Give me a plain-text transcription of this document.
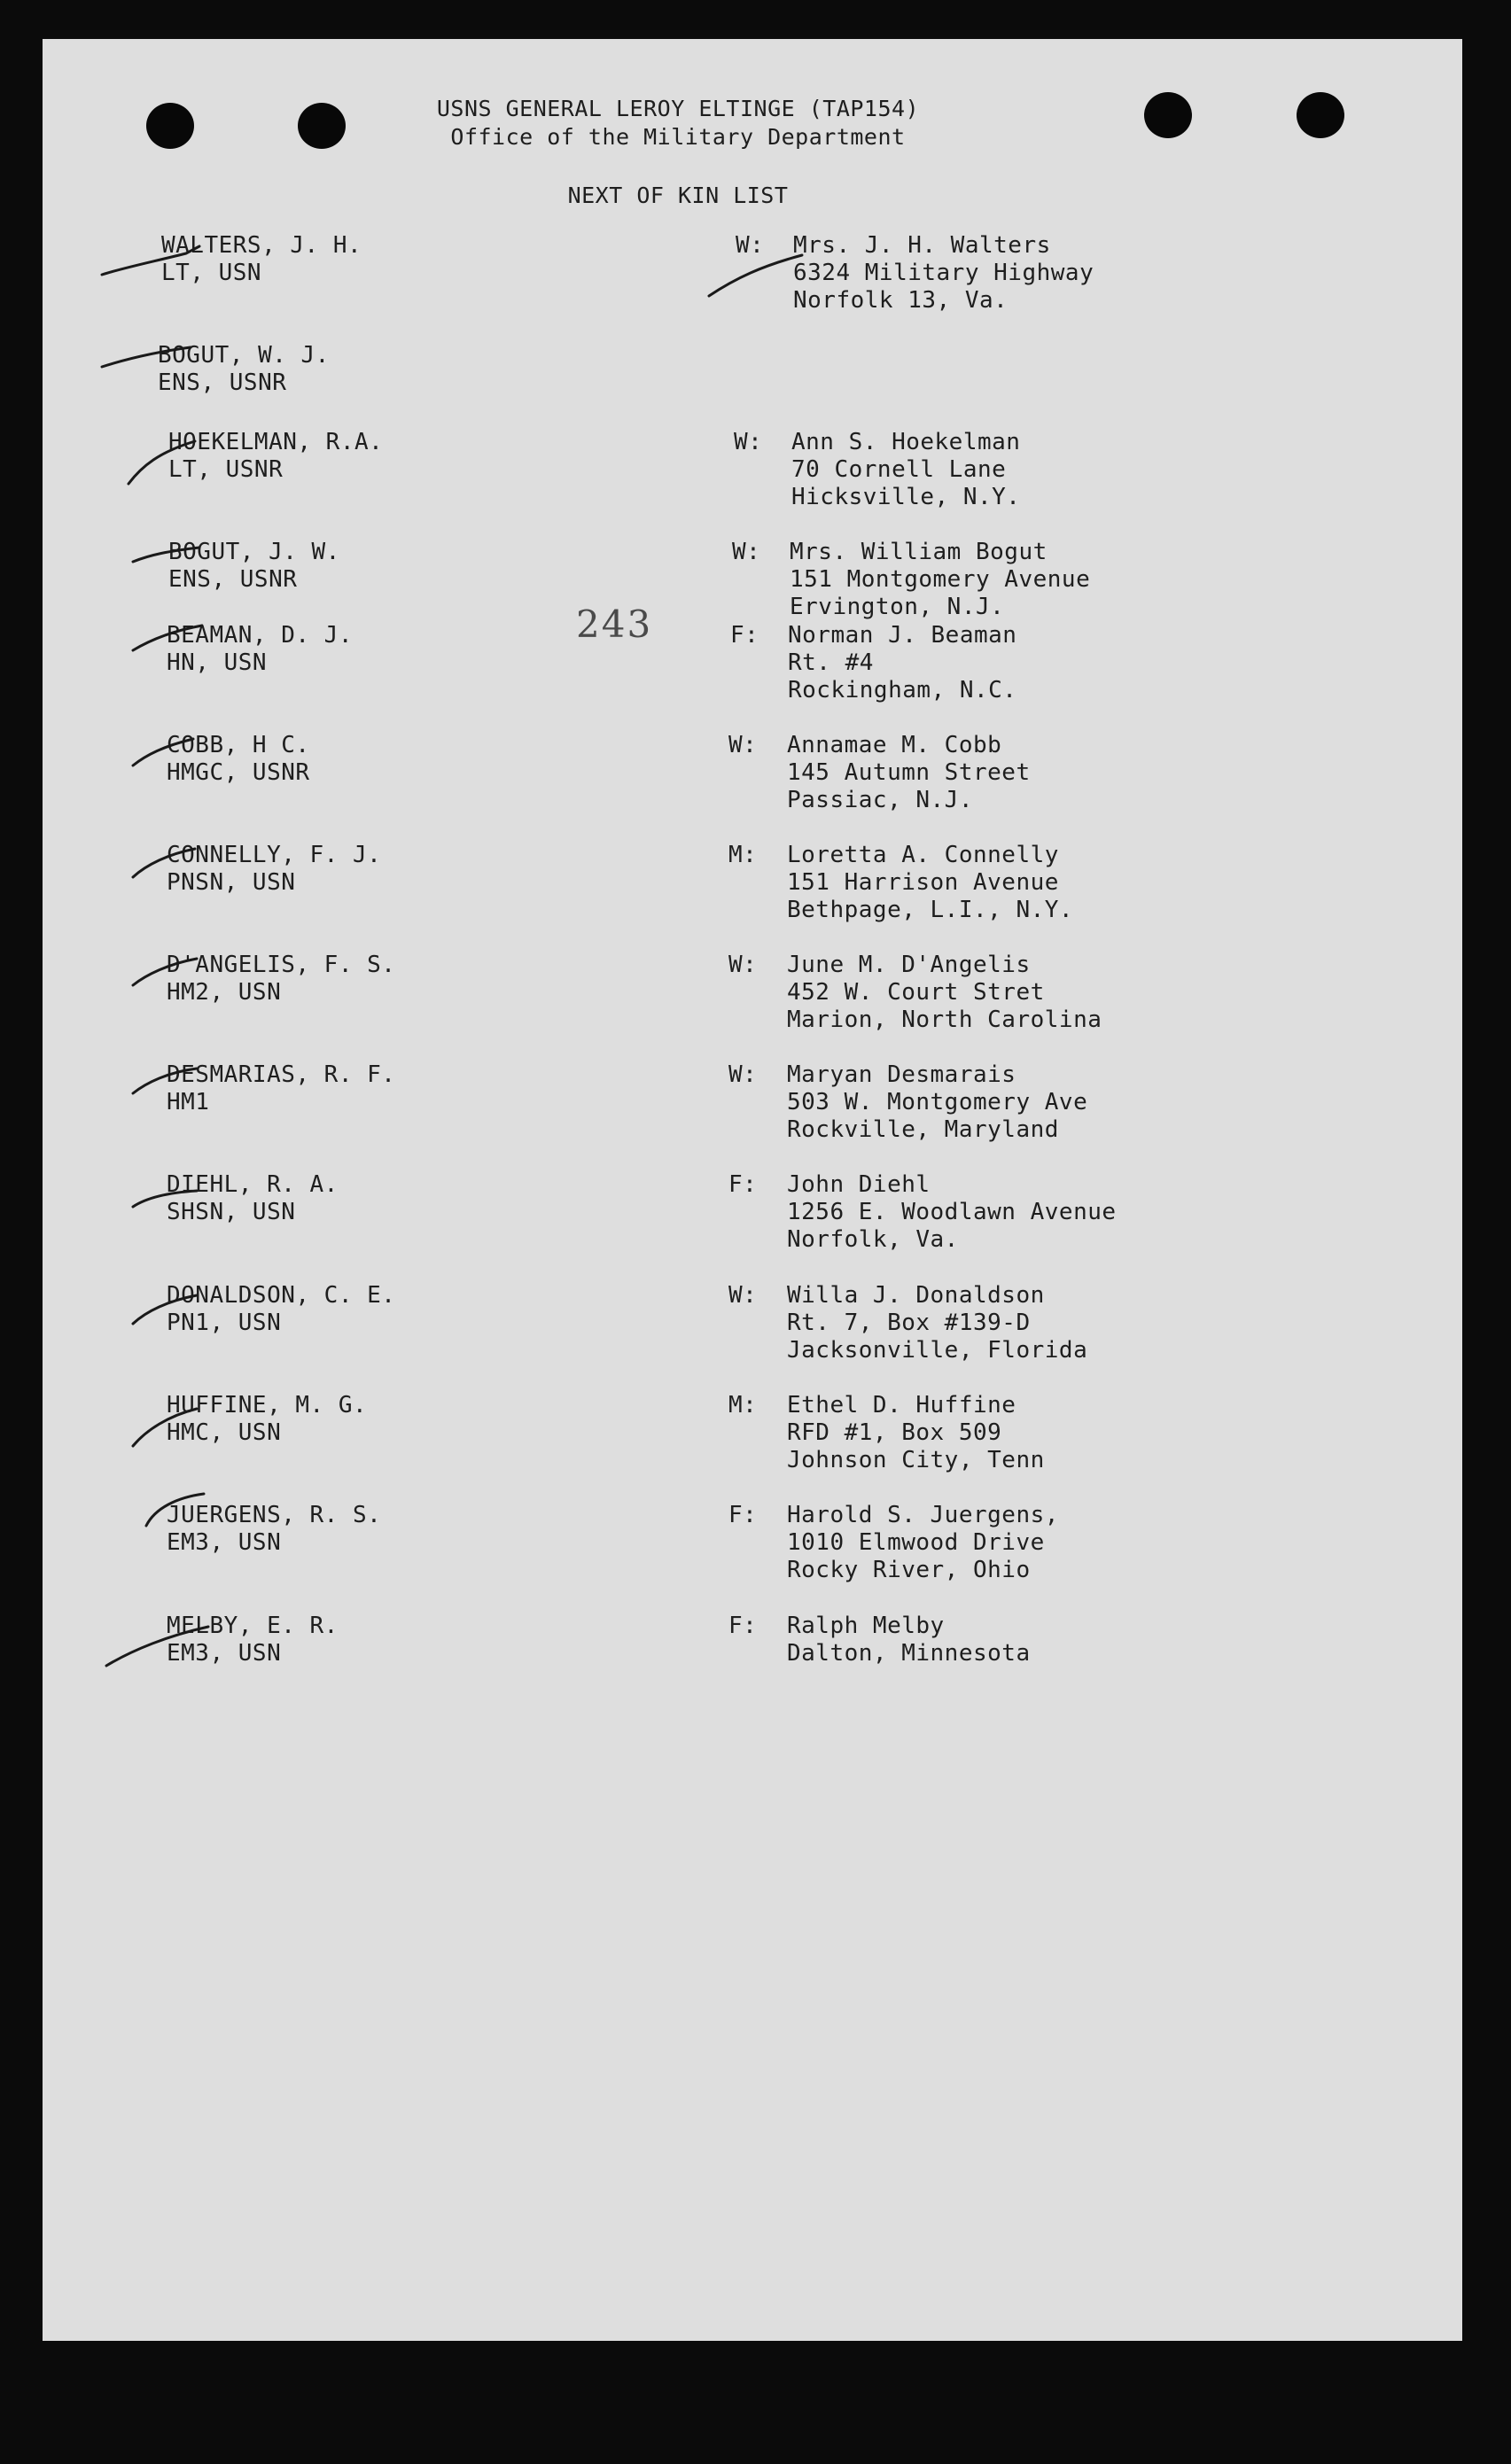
USNS GENERAL LEROY ELTINGE (TAP154)
Office of the Military Department
NEXT OF KIN LIST
243
WALTERS, J. H.
LT, USN
W: Mrs. J. H. Walters
6324 Military Highway
Norfolk 13, Va.
BOGUT, W. J.
ENS, USNR
HOEKELMAN, R.A.
LT, USNR
W: Ann S. Hoekelman
70 Cornell Lane
Hicksville, N.Y.
BOGUT, J. W.
ENS, USNR
W: Mrs. William Bogut
151 Montgomery Avenue
Ervington, N.J.
BEAMAN, D. J.
HN, USN
F: Norman J. Beaman
Rt. #4
Rockingham, N.C.
COBB, H C.
HMGC, USNR
W: Annamae M. Cobb
145 Autumn Street
Passiac, N.J.
CONNELLY, F. J.
PNSN, USN
M: Loretta A. Connelly
151 Harrison Avenue
Bethpage, L.I., N.Y.
D'ANGELIS, F. S.
HM2, USN
W: June M. D'Angelis
452 W. Court Stret
Marion, North Carolina
DESMARIAS, R. F.
HM1
W: Maryan Desmarais
503 W. Montgomery Ave
Rockville, Maryland
DIEHL, R. A.
SHSN, USN
F: John Diehl
1256 E. Woodlawn Avenue
Norfolk, Va.
DONALDSON, C. E.
PN1, USN
W: Willa J. Donaldson
Rt. 7, Box #139-D
Jacksonville, Florida
HUFFINE, M. G.
HMC, USN
M: Ethel D. Huffine
RFD #1, Box 509
Johnson City, Tenn
JUERGENS, R. S.
EM3, USN
F: Harold S. Juergens,
1010 Elmwood Drive
Rocky River, Ohio
MELBY, E. R.
EM3, USN
F: Ralph Melby
Dalton, Minnesota
